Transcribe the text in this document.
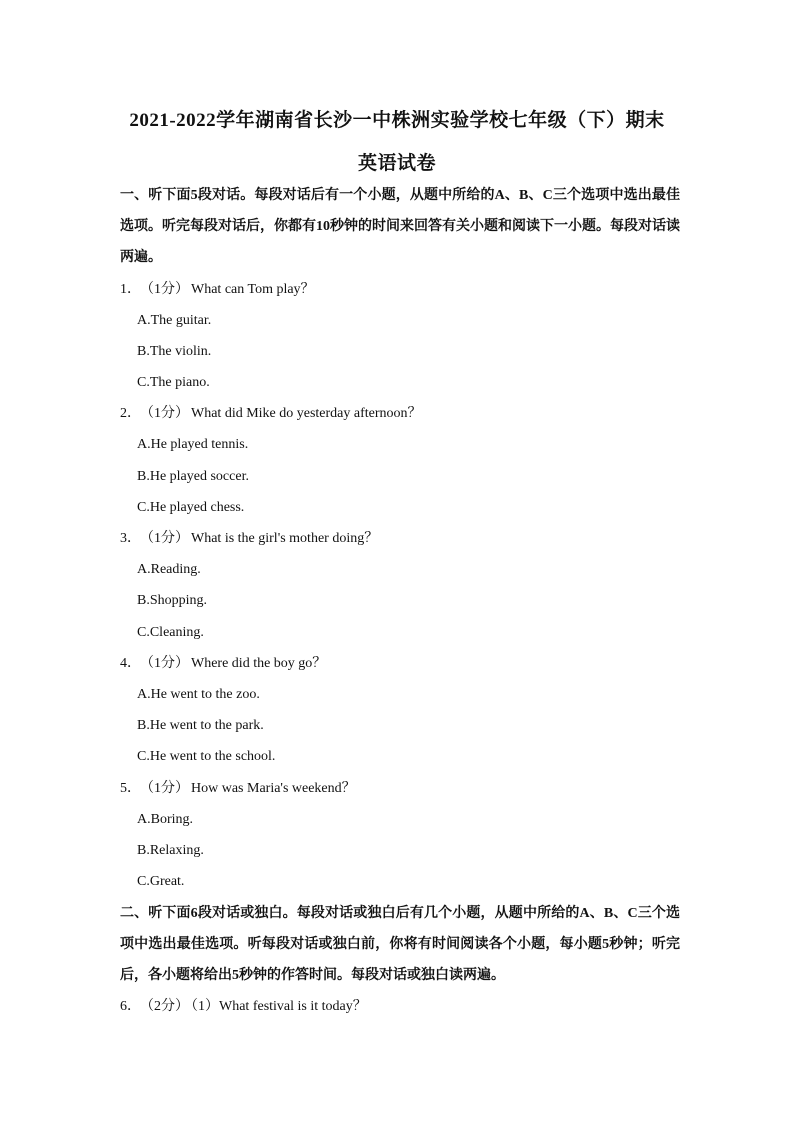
2021-2022学年湖南省长沙一中株洲实验学校七年级（下）期末
英语试卷

一、听下面5段对话。每段对话后有一个小题，从题中所给的A、B、C三个选项中选出最佳选项。听完每段对话后，你都有10秒钟的时间来回答有关小题和阅读下一小题。每段对话读两遍。

1． （1分） What can Tom play？

A.The guitar.

B.The violin.

C.The piano.

2． （1分） What did Mike do yesterday afternoon？

A.He played tennis.

B.He played soccer.

C.He played chess.

3． （1分） What is the girl's mother doing？

A.Reading.

B.Shopping.

C.Cleaning.

4． （1分） Where did the boy go？

A.He went to the zoo.

B.He went to the park.

C.He went to the school.

5． （1分） How was Maria's weekend？

A.Boring.

B.Relaxing.

C.Great.

二、听下面6段对话或独白。每段对话或独白后有几个小题，从题中所给的A、B、C三个选项中选出最佳选项。听每段对话或独白前，你将有时间阅读各个小题，每小题5秒钟；听完后，各小题将给出5秒钟的作答时间。每段对话或独白读两遍。

6． （2分） （1）What festival is it today？
